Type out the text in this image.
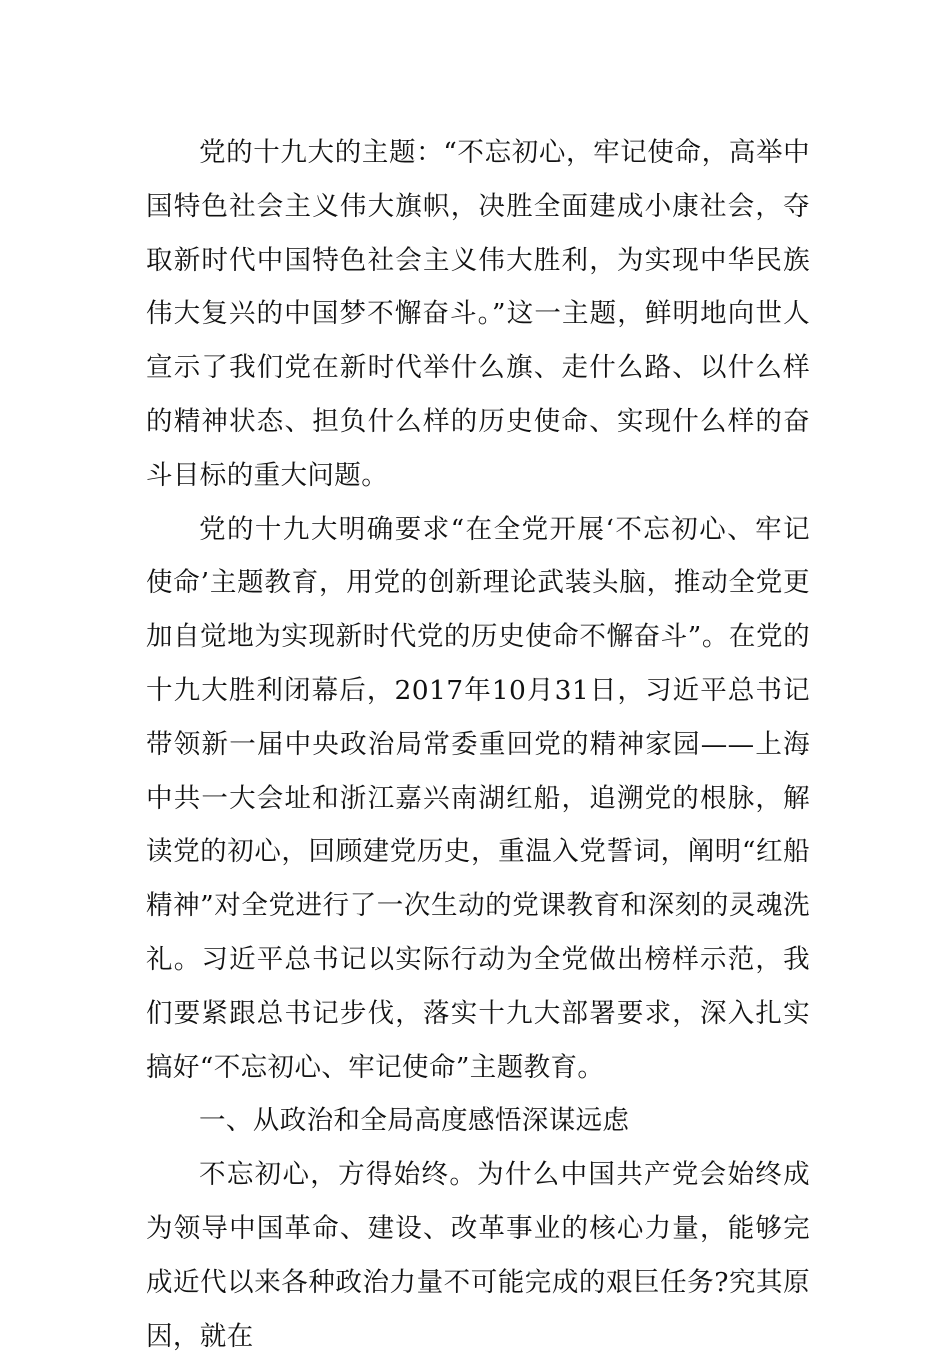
党的十九大的主题：“不忘初心，牢记使命，高举中国特色社会主义伟大旗帜，决胜全面建成小康社会，夺取新时代中国特色社会主义伟大胜利，为实现中华民族伟大复兴的中国梦不懈奋斗。”这一主题，鲜明地向世人宣示了我们党在新时代举什么旗、走什么路、以什么样的精神状态、担负什么样的历史使命、实现什么样的奋斗目标的重大问题。

党的十九大明确要求“在全党开展‘不忘初心、牢记使命’主题教育，用党的创新理论武装头脑，推动全党更加自觉地为实现新时代党的历史使命不懈奋斗”。在党的十九大胜利闭幕后，2017年10月31日，习近平总书记带领新一届中央政治局常委重回党的精神家园——上海中共一大会址和浙江嘉兴南湖红船，追溯党的根脉，解读党的初心，回顾建党历史，重温入党誓词，阐明“红船精神”对全党进行了一次生动的党课教育和深刻的灵魂洗礼。习近平总书记以实际行动为全党做出榜样示范，我们要紧跟总书记步伐，落实十九大部署要求，深入扎实搞好“不忘初心、牢记使命”主题教育。

一、从政治和全局高度感悟深谋远虑

不忘初心，方得始终。为什么中国共产党会始终成为领导中国革命、建设、改革事业的核心力量，能够完成近代以来各种政治力量不可能完成的艰巨任务?究其原因，就在
